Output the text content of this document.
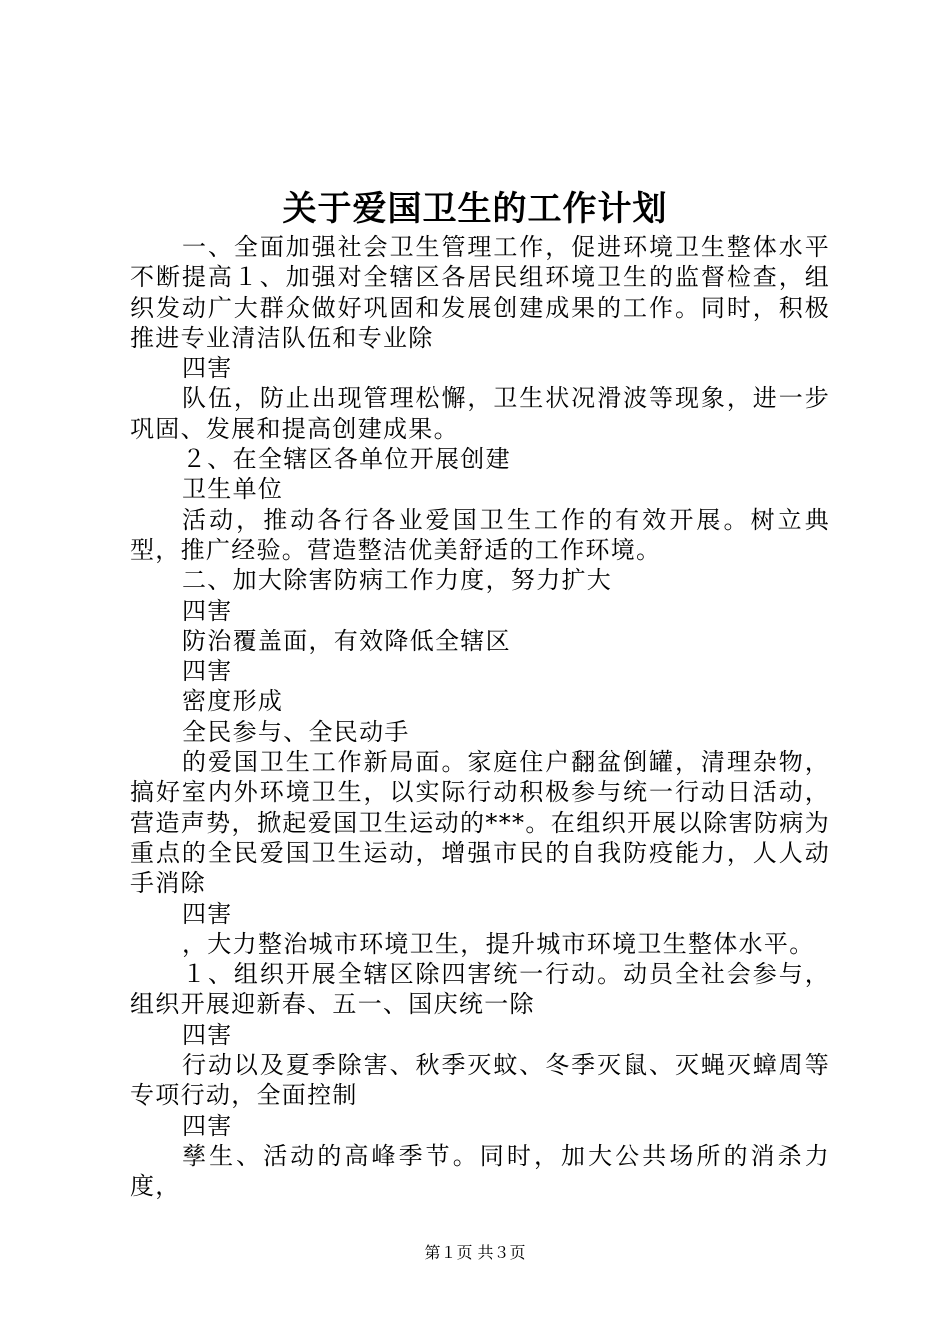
关于爱国卫生的工作计划

一、全面加强社会卫生管理工作，促进环境卫生整体水平不断提高１、加强对全辖区各居民组环境卫生的监督检查，组织发动广大群众做好巩固和发展创建成果的工作。同时，积极推进专业清洁队伍和专业除

四害

队伍，防止出现管理松懈，卫生状况滑波等现象，进一步巩固、发展和提高创建成果。

２、在全辖区各单位开展创建

卫生单位

活动，推动各行各业爱国卫生工作的有效开展。树立典型，推广经验。营造整洁优美舒适的工作环境。

二、加大除害防病工作力度，努力扩大

四害

防治覆盖面，有效降低全辖区

四害

密度形成

全民参与、全民动手

的爱国卫生工作新局面。家庭住户翻盆倒罐，清理杂物，搞好室内外环境卫生，以实际行动积极参与统一行动日活动，营造声势，掀起爱国卫生运动的***。在组织开展以除害防病为重点的全民爱国卫生运动，增强市民的自我防疫能力，人人动手消除

四害

，大力整治城市环境卫生，提升城市环境卫生整体水平。

１、组织开展全辖区除四害统一行动。动员全社会参与，组织开展迎新春、五一、国庆统一除

四害

行动以及夏季除害、秋季灭蚊、冬季灭鼠、灭蝇灭蟑周等专项行动，全面控制

四害

孳生、活动的高峰季节。同时，加大公共场所的消杀力度，

第１页 共３页
